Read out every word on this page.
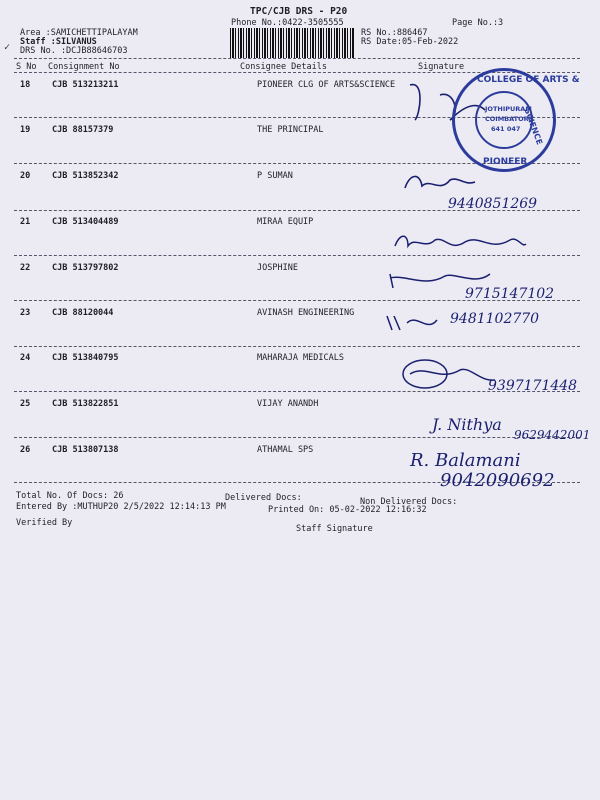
TPC/CJB DRS - P20
Phone No.:0422-3505555	Page No.:3
Area :SAMICHETTIPALAYAM
Staff :SILVANUS
DRS No. :DCJB88646703
RS No.:886467
RS Date:05-Feb-2022
✓
S No Consignment No	Consignee Details	Signature
18	CJB 513213211	PIONEER CLG OF ARTS&SCIENCE
19	CJB 88157379	THE PRINCIPAL
20	CJB 513852342	P SUMAN
21	CJB 513404489	MIRAA EQUIP
22	CJB 513797802	JOSPHINE
23	CJB 88120044	AVINASH ENGINEERING
24	CJB 513840795	MAHARAJA MEDICALS
25	CJB 513822851	VIJAY ANANDH
26	CJB 513807138	ATHAMAL SPS
9440851269
9715147102
9481102770
9397171448
J. Nithya
9629442001
R. Balamani
9042090692
COLLEGE OF ARTS &
SCIENCE
PIONEER
JOTHIPURAM
COIMBATORE
641 047
Total No. Of Docs: 26	Delivered Docs:	Non Delivered Docs:
Entered By :MUTHUP20 2/5/2022 12:14:13 PM	Printed On: 05-02-2022 12:16:32
Verified By
Staff Signature
